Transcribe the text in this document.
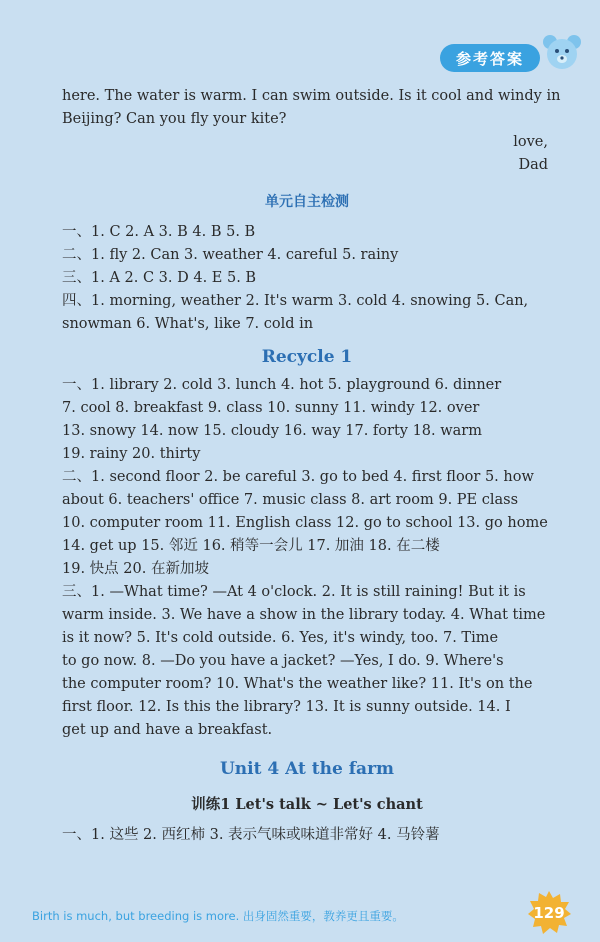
参考答案
here. The water is warm. I can swim outside. Is it cool and windy in
Beijing? Can you fly your kite?
love,
Dad
单元自主检测
一、1. C 2. A 3. B 4. B 5. B
二、1. fly 2. Can 3. weather 4. careful 5. rainy
三、1. A 2. C 3. D 4. E 5. B
四、1. morning, weather 2. It's warm 3. cold 4. snowing 5. Can,
snowman 6. What's, like 7. cold in
Recycle 1
一、1. library 2. cold 3. lunch 4. hot 5. playground 6. dinner
7. cool 8. breakfast 9. class 10. sunny 11. windy 12. over
13. snowy 14. now 15. cloudy 16. way 17. forty 18. warm
19. rainy 20. thirty
二、1. second floor 2. be careful 3. go to bed 4. first floor 5. how
about 6. teachers' office 7. music class 8. art room 9. PE class
10. computer room 11. English class 12. go to school 13. go home
14. get up 15. 邻近 16. 稍等一会儿 17. 加油 18. 在二楼
19. 快点 20. 在新加坡
三、1. —What time? —At 4 o'clock. 2. It is still raining! But it is
warm inside. 3. We have a show in the library today. 4. What time
is it now? 5. It's cold outside. 6. Yes, it's windy, too. 7. Time
to go now. 8. —Do you have a jacket? —Yes, I do. 9. Where's
the computer room? 10. What's the weather like? 11. It's on the
first floor. 12. Is this the library? 13. It is sunny outside. 14. I
get up and have a breakfast.
Unit 4 At the farm
训练1 Let's talk ~ Let's chant
一、1. 这些 2. 西红柿 3. 表示气味或味道非常好 4. 马铃薯
Birth is much, but breeding is more. 出身固然重要，教养更且重要。	129
